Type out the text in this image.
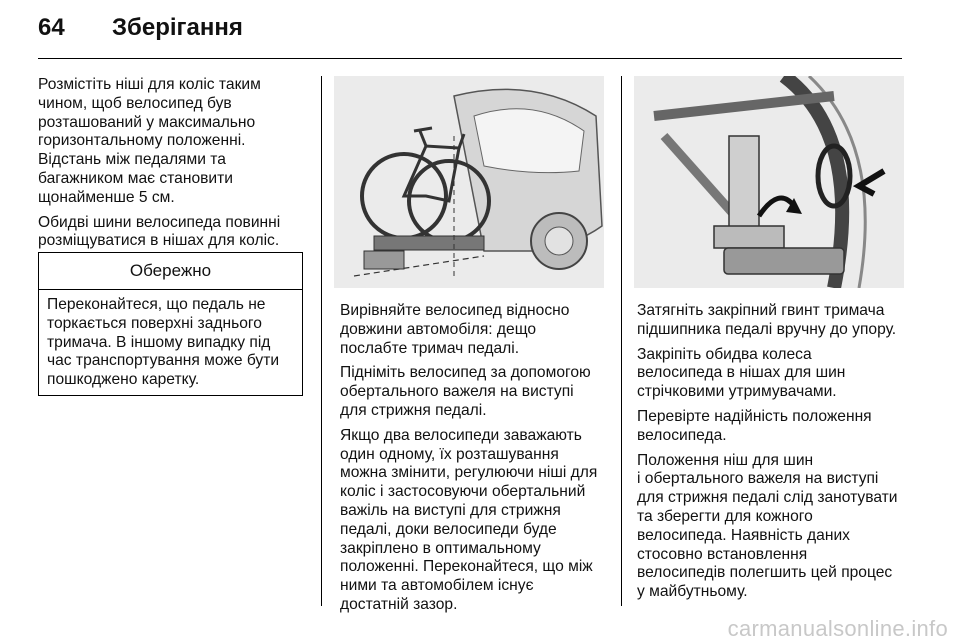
64	Зберігання

Розмістіть ніші для коліс таким
чином, щоб велосипед був
розташований у максимально
горизонтальному положенні.
Відстань між педалями та
багажником має становити
щонайменше 5 см.

Обидві шини велосипеда повинні
розміщуватися в нішах для коліс.

Обережно
Переконайтеся, що педаль не
торкається поверхні заднього
тримача. В іншому випадку під
час транспортування може бути
пошкоджено каретку.

Вирівняйте велосипед відносно
довжини автомобіля: дещо
послабте тримач педалі.

Підніміть велосипед за допомогою
обертального важеля на виступі
для стрижня педалі.

Якщо два велосипеди заважають
один одному, їх розташування
можна змінити, регулюючи ніші для
коліс і застосовуючи обертальний
важіль на виступі для стрижня
педалі, доки велосипеди буде
закріплено в оптимальному
положенні. Переконайтеся, що між
ними та автомобілем існує
достатній зазор.

Затягніть закріпний гвинт тримача
підшипника педалі вручну до упору.

Закріпіть обидва колеса
велосипеда в нішах для шин
стрічковими утримувачами.

Перевірте надійність положення
велосипеда.

Положення ніш для шин
і обертального важеля на виступі
для стрижня педалі слід занотувати
та зберегти для кожного
велосипеда. Наявність даних
стосовно встановлення
велосипедів полегшить цей процес
у майбутньому.

carmanualsonline.info
